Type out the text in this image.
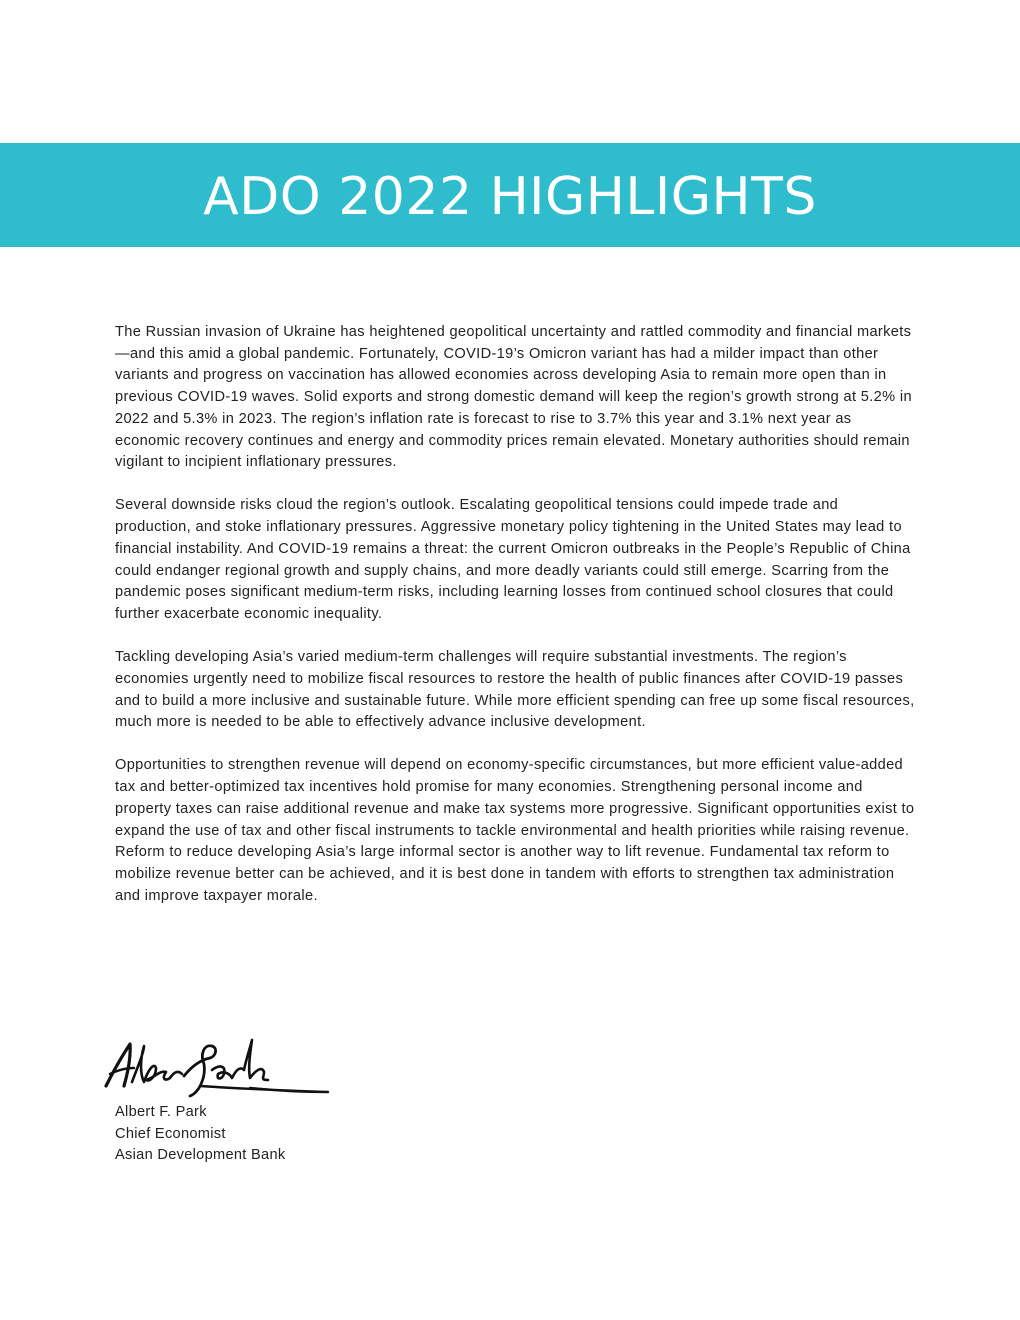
ADO 2022 HIGHLIGHTS

The Russian invasion of Ukraine has heightened geopolitical uncertainty and rattled commodity and financial markets—and this amid a global pandemic. Fortunately, COVID-19’s Omicron variant has had a milder impact than other variants and progress on vaccination has allowed economies across developing Asia to remain more open than in previous COVID-19 waves. Solid exports and strong domestic demand will keep the region’s growth strong at 5.2% in 2022 and 5.3% in 2023. The region’s inflation rate is forecast to rise to 3.7% this year and 3.1% next year as economic recovery continues and energy and commodity prices remain elevated. Monetary authorities should remain vigilant to incipient inflationary pressures.

Several downside risks cloud the region’s outlook. Escalating geopolitical tensions could impede trade and production, and stoke inflationary pressures. Aggressive monetary policy tightening in the United States may lead to financial instability. And COVID-19 remains a threat: the current Omicron outbreaks in the People’s Republic of China could endanger regional growth and supply chains, and more deadly variants could still emerge. Scarring from the pandemic poses significant medium-term risks, including learning losses from continued school closures that could further exacerbate economic inequality.

Tackling developing Asia’s varied medium-term challenges will require substantial investments. The region’s economies urgently need to mobilize fiscal resources to restore the health of public finances after COVID-19 passes and to build a more inclusive and sustainable future. While more efficient spending can free up some fiscal resources, much more is needed to be able to effectively advance inclusive development.

Opportunities to strengthen revenue will depend on economy-specific circumstances, but more efficient value-added tax and better-optimized tax incentives hold promise for many economies. Strengthening personal income and property taxes can raise additional revenue and make tax systems more progressive. Significant opportunities exist to expand the use of tax and other fiscal instruments to tackle environmental and health priorities while raising revenue. Reform to reduce developing Asia’s large informal sector is another way to lift revenue. Fundamental tax reform to mobilize revenue better can be achieved, and it is best done in tandem with efforts to strengthen tax administration and improve taxpayer morale.

Albert F. Park

Chief Economist

Asian Development Bank
